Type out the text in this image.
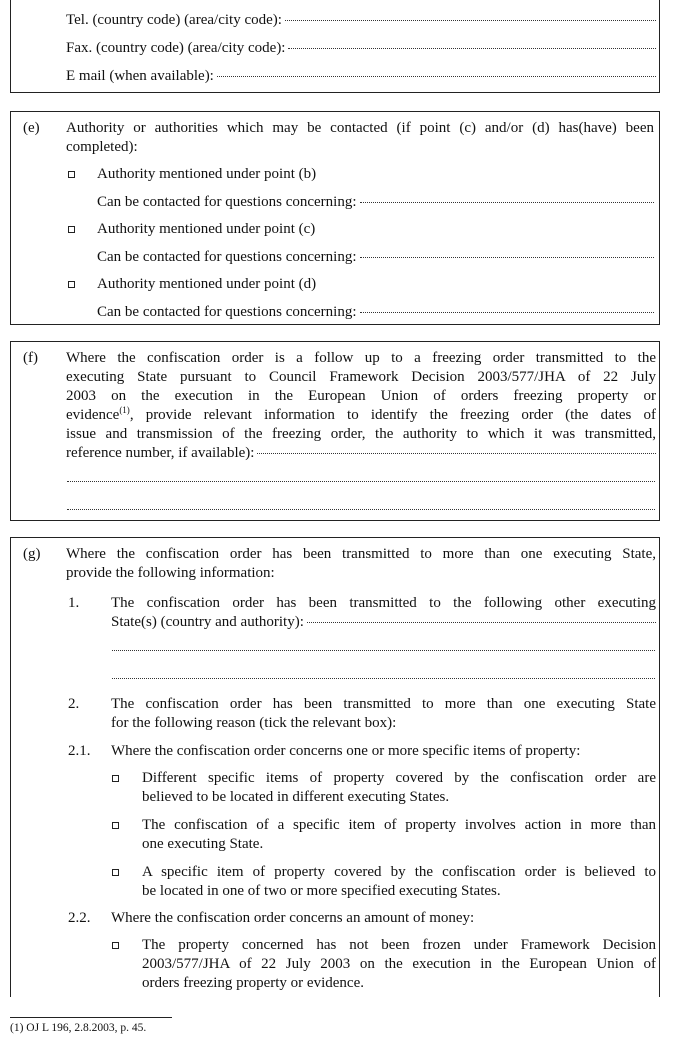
Tel. (country code) (area/city code):
Fax. (country code) (area/city code):
E mail (when available):
(e) Authority or authorities which may be contacted (if point (c) and/or (d) has(have) been
completed):
Authority mentioned under point (b)
Can be contacted for questions concerning:
Authority mentioned under point (c)
Can be contacted for questions concerning:
Authority mentioned under point (d)
Can be contacted for questions concerning:
(f) Where the confiscation order is a follow up to a freezing order transmitted to the
executing State pursuant to Council Framework Decision 2003/577/JHA of 22 July
2003 on the execution in the European Union of orders freezing property or
evidence$^{(1)}$, provide relevant information to identify the freezing order (the dates of
issue and transmission of the freezing order, the authority to which it was transmitted,
reference number, if available):
(g) Where the confiscation order has been transmitted to more than one executing State,
provide the following information:
1. The confiscation order has been transmitted to the following other executing
State(s) (country and authority):
2. The confiscation order has been transmitted to more than one executing State
for the following reason (tick the relevant box):
2.1. Where the confiscation order concerns one or more specific items of property:
Different specific items of property covered by the confiscation order are
believed to be located in different executing States.
The confiscation of a specific item of property involves action in more than
one executing State.
A specific item of property covered by the confiscation order is believed to
be located in one of two or more specified executing States.
2.2. Where the confiscation order concerns an amount of money:
The property concerned has not been frozen under Framework Decision
2003/577/JHA of 22 July 2003 on the execution in the European Union of
orders freezing property or evidence.
(1) OJ L 196, 2.8.2003, p. 45.
